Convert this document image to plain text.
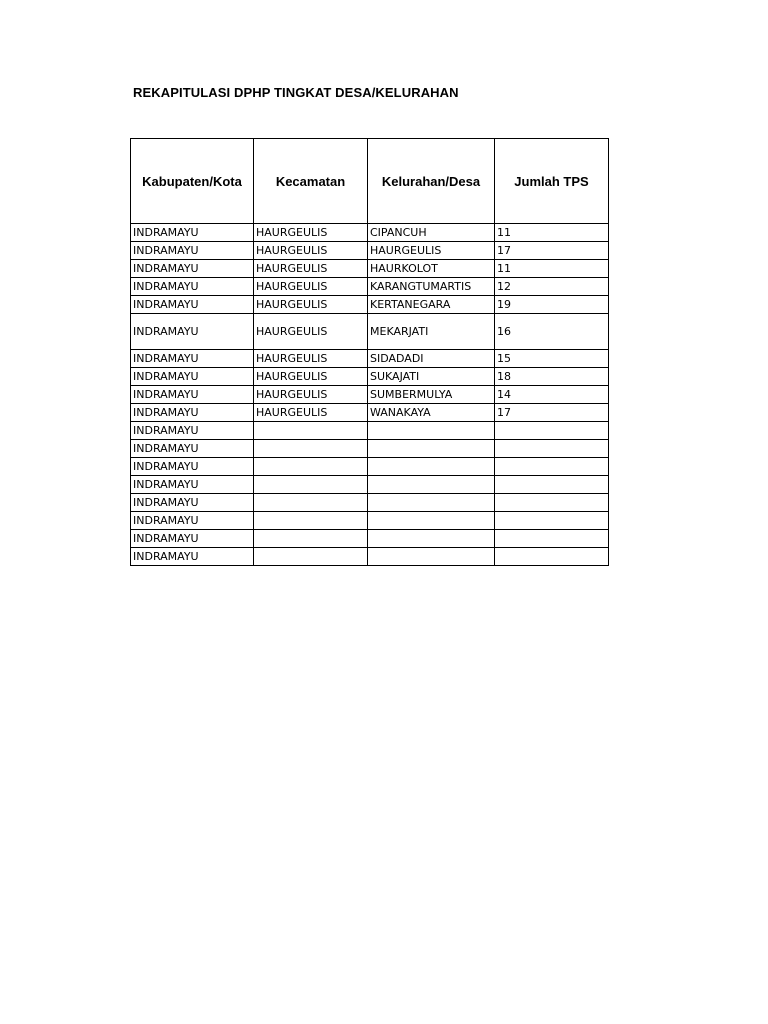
REKAPITULASI DPHP TINGKAT DESA/KELURAHAN
Kabupaten/Kota	Kecamatan	Kelurahan/Desa	Jumlah TPS
INDRAMAYU	HAURGEULIS	CIPANCUH	11
INDRAMAYU	HAURGEULIS	HAURGEULIS	17
INDRAMAYU	HAURGEULIS	HAURKOLOT	11
INDRAMAYU	HAURGEULIS	KARANGTUMARTIS	12
INDRAMAYU	HAURGEULIS	KERTANEGARA	19
INDRAMAYU	HAURGEULIS	MEKARJATI	16
INDRAMAYU	HAURGEULIS	SIDADADI	15
INDRAMAYU	HAURGEULIS	SUKAJATI	18
INDRAMAYU	HAURGEULIS	SUMBERMULYA	14
INDRAMAYU	HAURGEULIS	WANAKAYA	17
INDRAMAYU			
INDRAMAYU			
INDRAMAYU			
INDRAMAYU			
INDRAMAYU			
INDRAMAYU			
INDRAMAYU			
INDRAMAYU			
